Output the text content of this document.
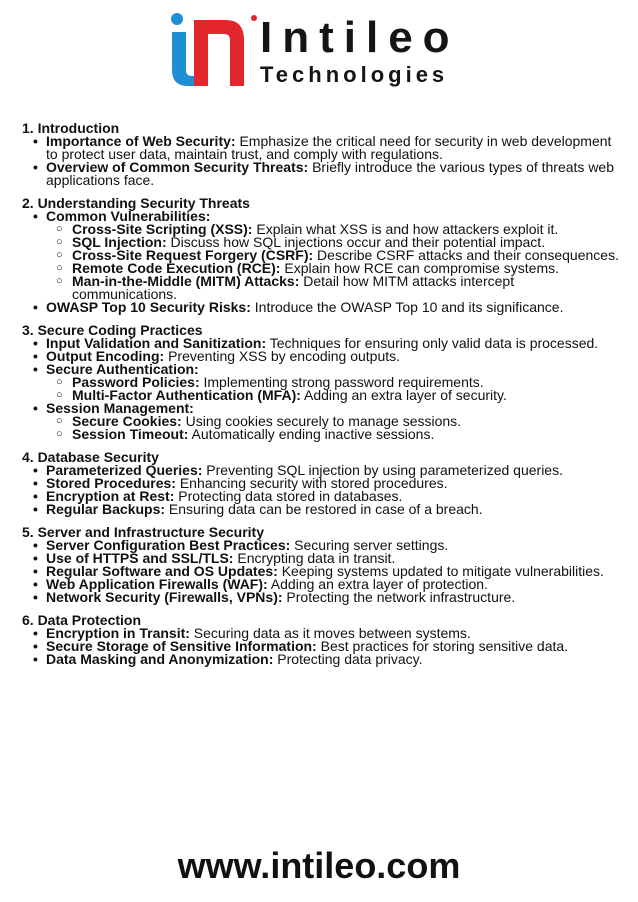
Intileo
Technologies
1. Introduction
• Importance of Web Security: Emphasize the critical need for security in web development to protect user data, maintain trust, and comply with regulations.
• Overview of Common Security Threats: Briefly introduce the various types of threats web applications face.
2. Understanding Security Threats
• Common Vulnerabilities:
○ Cross-Site Scripting (XSS): Explain what XSS is and how attackers exploit it.
○ SQL Injection: Discuss how SQL injections occur and their potential impact.
○ Cross-Site Request Forgery (CSRF): Describe CSRF attacks and their consequences.
○ Remote Code Execution (RCE): Explain how RCE can compromise systems.
○ Man-in-the-Middle (MITM) Attacks: Detail how MITM attacks intercept communications.
• OWASP Top 10 Security Risks: Introduce the OWASP Top 10 and its significance.
3. Secure Coding Practices
• Input Validation and Sanitization: Techniques for ensuring only valid data is processed.
• Output Encoding: Preventing XSS by encoding outputs.
• Secure Authentication:
○ Password Policies: Implementing strong password requirements.
○ Multi-Factor Authentication (MFA): Adding an extra layer of security.
• Session Management:
○ Secure Cookies: Using cookies securely to manage sessions.
○ Session Timeout: Automatically ending inactive sessions.
4. Database Security
• Parameterized Queries: Preventing SQL injection by using parameterized queries.
• Stored Procedures: Enhancing security with stored procedures.
• Encryption at Rest: Protecting data stored in databases.
• Regular Backups: Ensuring data can be restored in case of a breach.
5. Server and Infrastructure Security
• Server Configuration Best Practices: Securing server settings.
• Use of HTTPS and SSL/TLS: Encrypting data in transit.
• Regular Software and OS Updates: Keeping systems updated to mitigate vulnerabilities.
• Web Application Firewalls (WAF): Adding an extra layer of protection.
• Network Security (Firewalls, VPNs): Protecting the network infrastructure.
6. Data Protection
• Encryption in Transit: Securing data as it moves between systems.
• Secure Storage of Sensitive Information: Best practices for storing sensitive data.
• Data Masking and Anonymization: Protecting data privacy.
www.intileo.com
